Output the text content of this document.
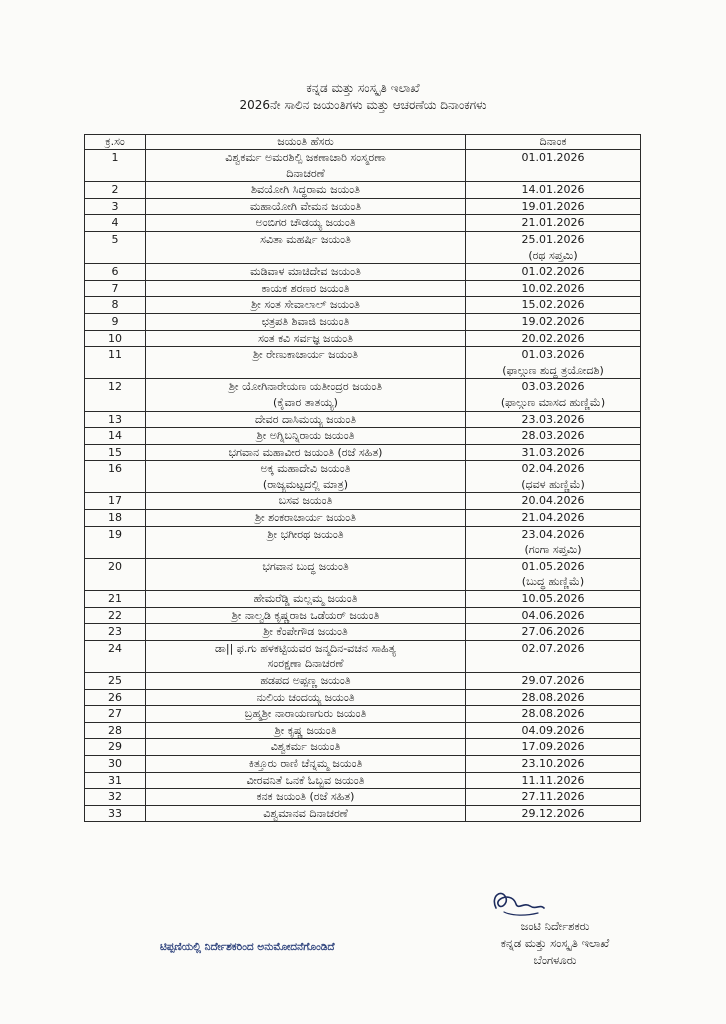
ಕನ್ನಡ ಮತ್ತು ಸಂಸ್ಕೃತಿ ಇಲಾಖೆ
2026ನೇ ಸಾಲಿನ ಜಯಂತಿಗಳು ಮತ್ತು ಆಚರಣೆಯ ದಿನಾಂಕಗಳು
ಕ್ರ.ಸಂ	ಜಯಂತಿ ಹೆಸರು	ದಿನಾಂಕ
1	ವಿಶ್ವಕರ್ಮ ಅಮರಶಿಲ್ಪಿ ಜಕಣಾಚಾರಿ ಸಂಸ್ಮರಣಾ
ದಿನಾಚರಣೆ	01.01.2026

2	ಶಿವಯೋಗಿ ಸಿದ್ಧರಾಮ ಜಯಂತಿ	14.01.2026

3	ಮಹಾಯೋಗಿ ವೇಮನ ಜಯಂತಿ	19.01.2026

4	ಅಂಬಿಗರ ಚೌಡಯ್ಯ ಜಯಂತಿ	21.01.2026

5	ಸವಿತಾ ಮಹರ್ಷಿ ಜಯಂತಿ	25.01.2026
(ರಥ ಸಪ್ತಮಿ)

6	ಮಡಿವಾಳ ಮಾಚಿದೇವ ಜಯಂತಿ	01.02.2026

7	ಕಾಯಕ ಶರಣರ ಜಯಂತಿ	10.02.2026

8	ಶ್ರೀ ಸಂತ ಸೇವಾಲಾಲ್ ಜಯಂತಿ	15.02.2026

9	ಛತ್ರಪತಿ ಶಿವಾಜಿ ಜಯಂತಿ	19.02.2026

10	ಸಂತ ಕವಿ ಸರ್ವಜ್ಞ ಜಯಂತಿ	20.02.2026

11	ಶ್ರೀ ರೇಣುಕಾಚಾರ್ಯ ಜಯಂತಿ	01.03.2026
(ಫಾಲ್ಗುಣ ಶುದ್ಧ ತ್ರಯೋದಶಿ)

12	ಶ್ರೀ ಯೋಗಿನಾರೇಯಣ ಯತೀಂದ್ರರ ಜಯಂತಿ
(ಕೈವಾರ ತಾತಯ್ಯ)	03.03.2026
(ಫಾಲ್ಗುಣ ಮಾಸದ ಹುಣ್ಣಿಮೆ)

13	ದೇವರ ದಾಸಿಮಯ್ಯ ಜಯಂತಿ	23.03.2026

14	ಶ್ರೀ ಅಗ್ನಿಬನ್ನಿರಾಯ ಜಯಂತಿ	28.03.2026

15	ಭಗವಾನ ಮಹಾವೀರ ಜಯಂತಿ (ರಜೆ ಸಹಿತ)	31.03.2026

16	ಅಕ್ಕ ಮಹಾದೇವಿ ಜಯಂತಿ
(ರಾಜ್ಯಮಟ್ಟದಲ್ಲಿ ಮಾತ್ರ)	02.04.2026
(ಧವಳ ಹುಣ್ಣಿಮೆ)

17	ಬಸವ ಜಯಂತಿ	20.04.2026

18	ಶ್ರೀ ಶಂಕರಾಚಾರ್ಯ ಜಯಂತಿ	21.04.2026

19	ಶ್ರೀ ಭಗೀರಥ ಜಯಂತಿ	23.04.2026
(ಗಂಗಾ ಸಪ್ತಮಿ)

20	ಭಗವಾನ ಬುದ್ಧ ಜಯಂತಿ	01.05.2026
(ಬುದ್ಧ ಹುಣ್ಣಿಮೆ)

21	ಹೇಮರೆಡ್ಡಿ ಮಲ್ಲಮ್ಮ ಜಯಂತಿ	10.05.2026

22	ಶ್ರೀ ನಾಲ್ವಡಿ ಕೃಷ್ಣರಾಜ ಒಡೆಯರ್ ಜಯಂತಿ	04.06.2026

23	ಶ್ರೀ ಕೆಂಪೇಗೌಡ ಜಯಂತಿ	27.06.2026

24	ಡಾ|| ಫ.ಗು ಹಳಕಟ್ಟಿಯವರ ಜನ್ಮದಿನ-ವಚನ ಸಾಹಿತ್ಯ
ಸಂರಕ್ಷಣಾ ದಿನಾಚರಣೆ	02.07.2026

25	ಹಡಪದ ಅಪ್ಪಣ್ಣ ಜಯಂತಿ	29.07.2026

26	ನುಲಿಯ ಚಂದಯ್ಯ ಜಯಂತಿ	28.08.2026

27	ಬ್ರಹ್ಮಶ್ರೀ ನಾರಾಯಣಗುರು ಜಯಂತಿ	28.08.2026

28	ಶ್ರೀ ಕೃಷ್ಣ ಜಯಂತಿ	04.09.2026

29	ವಿಶ್ವಕರ್ಮ ಜಯಂತಿ	17.09.2026

30	ಕಿತ್ತೂರು ರಾಣಿ ಚೆನ್ನಮ್ಮ ಜಯಂತಿ	23.10.2026

31	ವೀರವನಿತೆ ಒನಕೆ ಓಬ್ಬವ ಜಯಂತಿ	11.11.2026

32	ಕನಕ ಜಯಂತಿ (ರಜೆ ಸಹಿತ)	27.11.2026

33	ವಿಶ್ವಮಾನವ ದಿನಾಚರಣೆ	29.12.2026
ಜಂಟಿ ನಿರ್ದೇಶಕರು
ಕನ್ನಡ ಮತ್ತು ಸಂಸ್ಕೃತಿ ಇಲಾಖೆ
ಬೆಂಗಳೂರು
ಟಿಪ್ಪಣಿಯಲ್ಲಿ ನಿರ್ದೇಶಕರಿಂದ ಅನುಮೋದನೆಗೊಂಡಿದೆ
